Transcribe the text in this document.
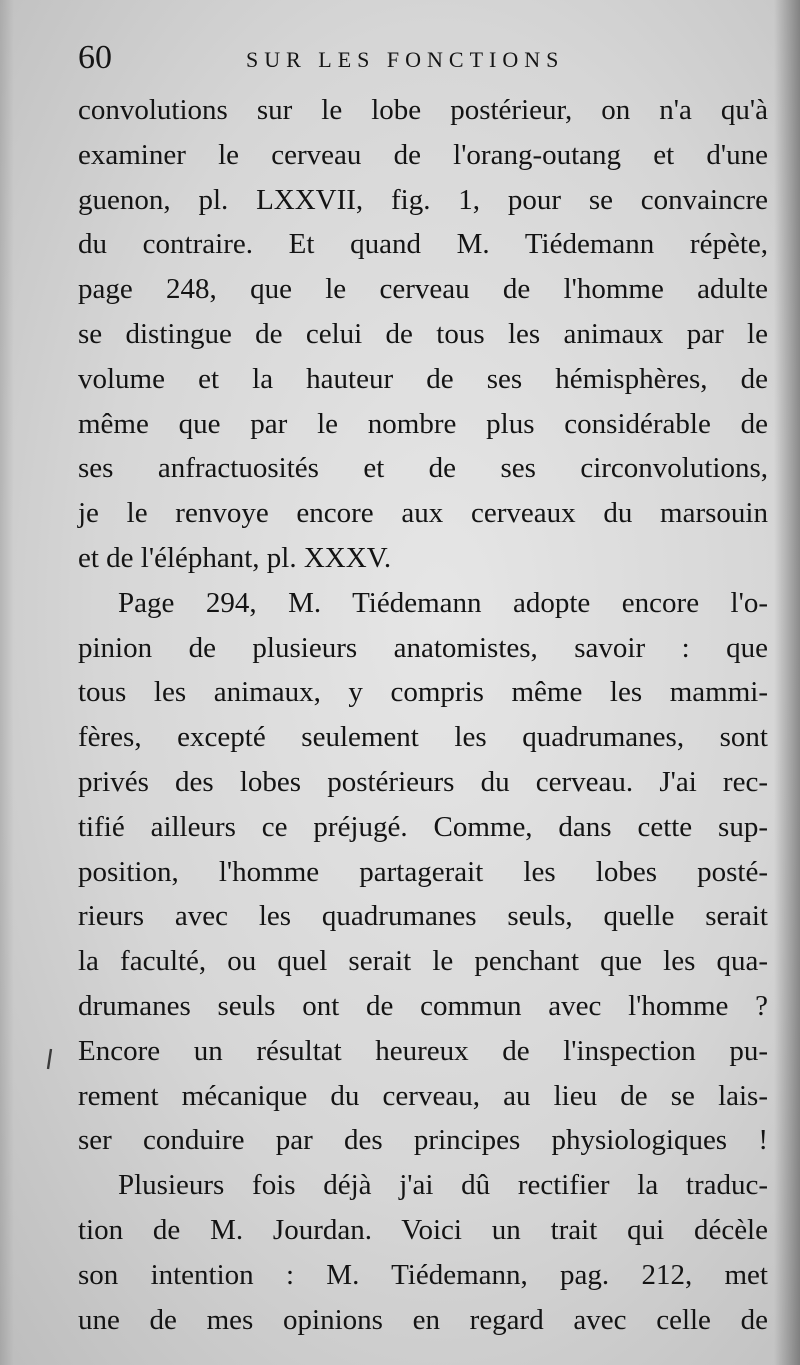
60	SUR LES FONCTIONS
convolutions sur le lobe postérieur, on n'a qu'à
examiner le cerveau de l'orang-outang et d'une
guenon, pl. LXXVII, fig. 1, pour se convaincre
du contraire. Et quand M. Tiédemann répète,
page 248, que le cerveau de l'homme adulte
se distingue de celui de tous les animaux par le
volume et la hauteur de ses hémisphères, de
même que par le nombre plus considérable de
ses anfractuosités et de ses circonvolutions,
je le renvoye encore aux cerveaux du marsouin
et de l'éléphant, pl. XXXV.
Page 294, M. Tiédemann adopte encore l'o-
pinion de plusieurs anatomistes, savoir : que
tous les animaux, y compris même les mammi-
fères, excepté seulement les quadrumanes, sont
privés des lobes postérieurs du cerveau. J'ai rec-
tifié ailleurs ce préjugé. Comme, dans cette sup-
position, l'homme partagerait les lobes posté-
rieurs avec les quadrumanes seuls, quelle serait
la faculté, ou quel serait le penchant que les qua-
drumanes seuls ont de commun avec l'homme ?
Encore un résultat heureux de l'inspection pu-
rement mécanique du cerveau, au lieu de se lais-
ser conduire par des principes physiologiques !
Plusieurs fois déjà j'ai dû rectifier la traduc-
tion de M. Jourdan. Voici un trait qui décèle
son intention : M. Tiédemann, pag. 212, met
une de mes opinions en regard avec celle de
